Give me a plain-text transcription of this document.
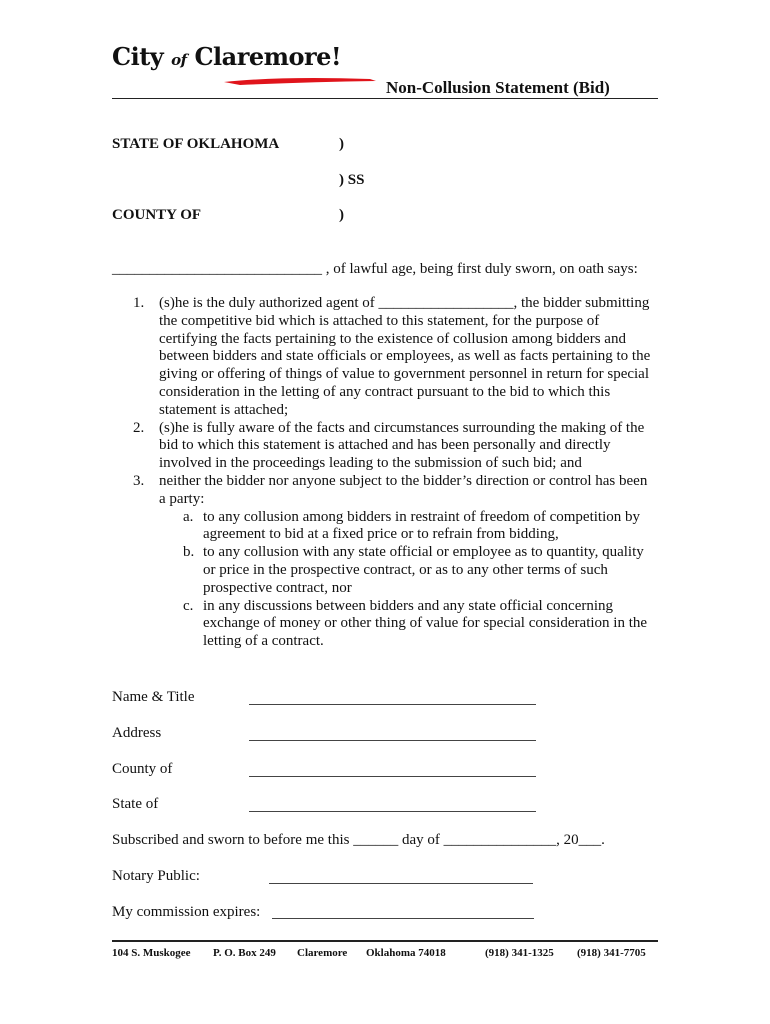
City of Claremore!
Non-Collusion Statement (Bid)
STATE OF OKLAHOMA	)
) SS
COUNTY OF	)
____________________________ , of lawful age, being first duly sworn, on oath says:
1. (s)he is the duly authorized agent of __________________, the bidder submitting the competitive bid which is attached to this statement, for the purpose of certifying the facts pertaining to the existence of collusion among bidders and between bidders and state officials or employees, as well as facts pertaining to the giving or offering of things of value to government personnel in return for special consideration in the letting of any contract pursuant to the bid to which this statement is attached;
2. (s)he is fully aware of the facts and circumstances surrounding the making of the bid to which this statement is attached and has been personally and directly involved in the proceedings leading to the submission of such bid; and
3. neither the bidder nor anyone subject to the bidder’s direction or control has been a party:
a. to any collusion among bidders in restraint of freedom of competition by agreement to bid at a fixed price or to refrain from bidding,
b. to any collusion with any state official or employee as to quantity, quality or price in the prospective contract, or as to any other terms of such prospective contract, nor
c. in any discussions between bidders and any state official concerning exchange of money or other thing of value for special consideration in the letting of a contract.
Name & Title
Address
County of
State of
Subscribed and sworn to before me this ______ day of _______________, 20___.
Notary Public:
My commission expires:
104 S. Muskogee P. O. Box 249 Claremore Oklahoma 74018	(918) 341-1325 (918) 341-7705
